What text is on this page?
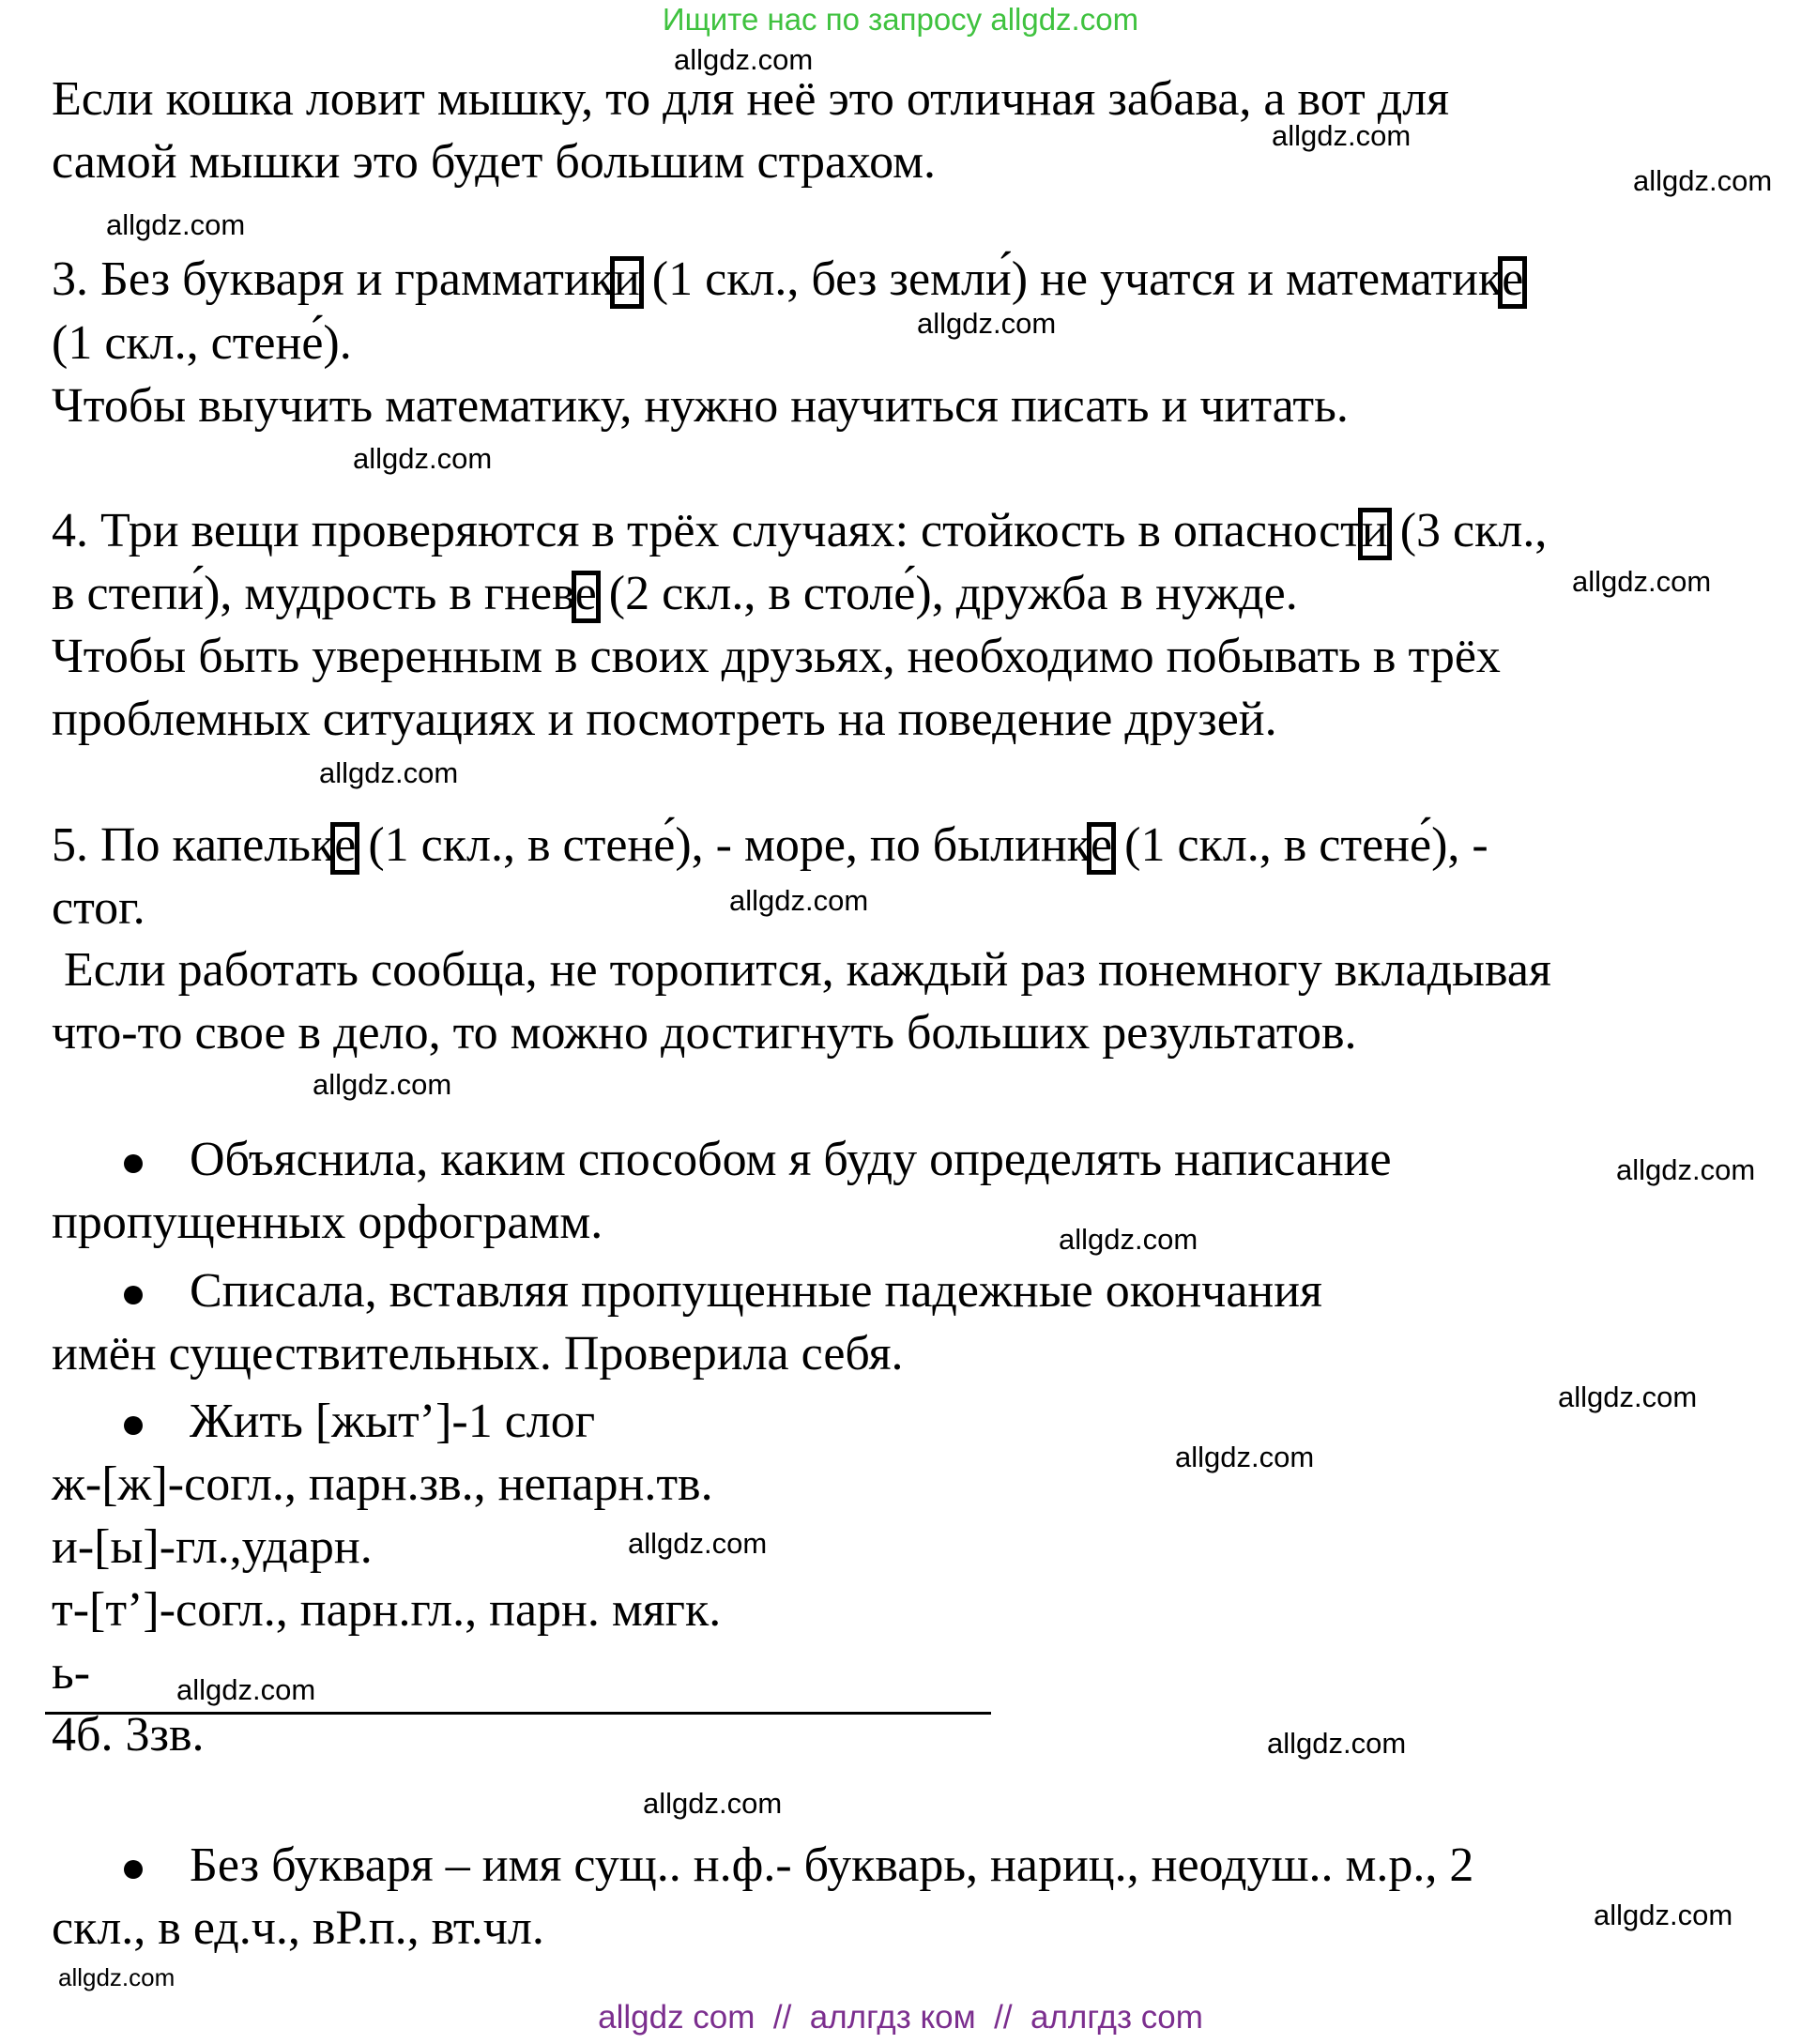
Ищите нас по запросу allgdz.com
Если кошка ловит мышку, то для неё это отличная забава, а вот для
самой мышки это будет большим страхом.
3. Без букваря и грамматики (1 скл., без земли́) не учатся и математике
(1 скл., стене́).
Чтобы выучить математику, нужно научиться писать и читать.
4. Три вещи проверяются в трёх случаях: стойкость в опасности (3 скл.,
в степи́), мудрость в гневе (2 скл., в столе́), дружба в нужде.
Чтобы быть уверенным в своих друзьях, необходимо побывать в трёх
проблемных ситуациях и посмотреть на поведение друзей.
5. По капельке (1 скл., в стене́), - море, по былинке (1 скл., в стене́), -
стог.
Если работать сообща, не торопится, каждый раз понемногу вкладывая
что-то свое в дело, то можно достигнуть больших результатов.
Объяснила, каким способом я буду определять написание
пропущенных орфограмм.
Списала, вставляя пропущенные падежные окончания
имён существительных. Проверила себя.
Жить [жыт’]-1 слог
ж-[ж]-согл., парн.зв., непарн.тв.
и-[ы]-гл.,ударн.
т-[т’]-согл., парн.гл., парн. мягк.
ь-
4б. 3зв.
Без букваря – имя сущ.. н.ф.- букварь, нариц., неодуш.. м.р., 2
скл., в ед.ч., вР.п., вт.чл.
allgdz.com
allgdz.com
allgdz.com
allgdz.com
allgdz.com
allgdz.com
allgdz.com
allgdz.com
allgdz.com
allgdz.com
allgdz.com
allgdz.com
allgdz.com
allgdz.com
allgdz.com
allgdz.com
allgdz.com
allgdz.com
allgdz.com
allgdz.com
allgdz com  //  аллгдз ком  //  аллгдз com
